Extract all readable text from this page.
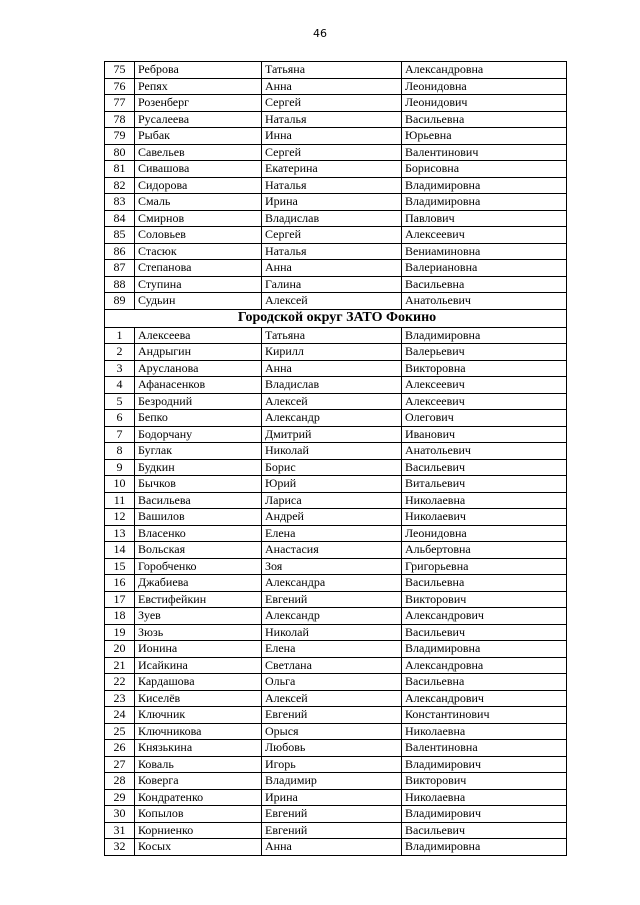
46
75	Реброва	Татьяна	Александровна
76	Репях	Анна	Леонидовна
77	Розенберг	Сергей	Леонидович
78	Русалеева	Наталья	Васильевна
79	Рыбак	Инна	Юрьевна
80	Савельев	Сергей	Валентинович
81	Сивашова	Екатерина	Борисовна
82	Сидорова	Наталья	Владимировна
83	Смаль	Ирина	Владимировна
84	Смирнов	Владислав	Павлович
85	Соловьев	Сергей	Алексеевич
86	Стасюк	Наталья	Вениаминовна
87	Степанова	Анна	Валериановна
88	Ступина	Галина	Васильевна
89	Судьин	Алексей	Анатольевич
Городской округ ЗАТО Фокино			
1	Алексеева	Татьяна	Владимировна
2	Андрыгин	Кирилл	Валерьевич
3	Арусланова	Анна	Викторовна
4	Афанасенков	Владислав	Алексеевич
5	Безродний	Алексей	Алексеевич
6	Бепко	Александр	Олегович
7	Бодорчану	Дмитрий	Иванович
8	Буглак	Николай	Анатольевич
9	Будкин	Борис	Васильевич
10	Бычков	Юрий	Витальевич
11	Васильева	Лариса	Николаевна
12	Вашилов	Андрей	Николаевич
13	Власенко	Елена	Леонидовна
14	Вольская	Анастасия	Альбертовна
15	Горобченко	Зоя	Григорьевна
16	Джабиева	Александра	Васильевна
17	Евстифейкин	Евгений	Викторович
18	Зуев	Александр	Александрович
19	Зюзь	Николай	Васильевич
20	Ионина	Елена	Владимировна
21	Исайкина	Светлана	Александровна
22	Кардашова	Ольга	Васильевна
23	Киселёв	Алексей	Александрович
24	Ключник	Евгений	Константинович
25	Ключникова	Орыся	Николаевна
26	Князькина	Любовь	Валентиновна
27	Коваль	Игорь	Владимирович
28	Коверга	Владимир	Викторович
29	Кондратенко	Ирина	Николаевна
30	Копылов	Евгений	Владимирович
31	Корниенко	Евгений	Васильевич
32	Косых	Анна	Владимировна
